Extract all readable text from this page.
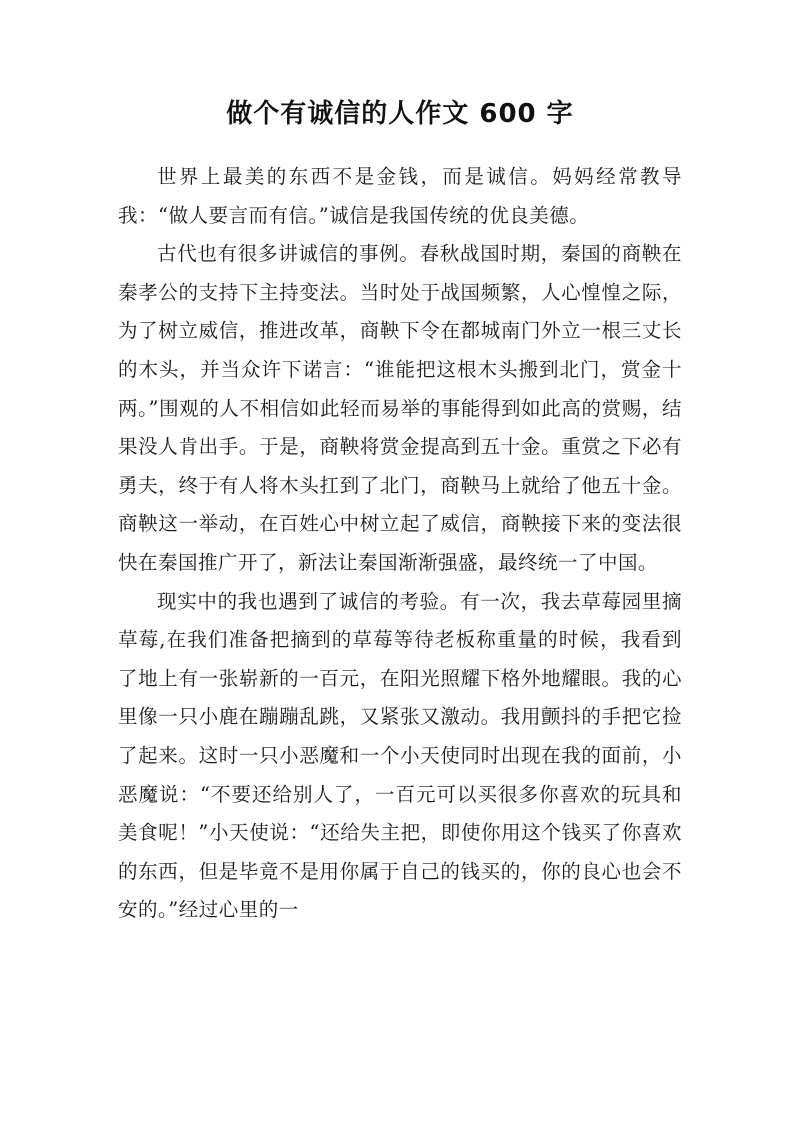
做个有诚信的人作文 600 字

世界上最美的东西不是金钱，而是诚信。妈妈经常教导我：“做人要言而有信。”诚信是我国传统的优良美德。

古代也有很多讲诚信的事例。春秋战国时期，秦国的商鞅在秦孝公的支持下主持变法。当时处于战国频繁，人心惶惶之际，为了树立威信，推进改革，商鞅下令在都城南门外立一根三丈长的木头，并当众许下诺言：“谁能把这根木头搬到北门，赏金十两。”围观的人不相信如此轻而易举的事能得到如此高的赏赐，结果没人肯出手。于是，商鞅将赏金提高到五十金。重赏之下必有勇夫，终于有人将木头扛到了北门，商鞅马上就给了他五十金。商鞅这一举动，在百姓心中树立起了威信，商鞅接下来的变法很快在秦国推广开了，新法让秦国渐渐强盛，最终统一了中国。

现实中的我也遇到了诚信的考验。有一次，我去草莓园里摘草莓,在我们准备把摘到的草莓等待老板称重量的时候，我看到了地上有一张崭新的一百元，在阳光照耀下格外地耀眼。我的心里像一只小鹿在蹦蹦乱跳，又紧张又激动。我用颤抖的手把它捡了起来。这时一只小恶魔和一个小天使同时出现在我的面前，小恶魔说：“不要还给别人了，一百元可以买很多你喜欢的玩具和美食呢！”小天使说：“还给失主把，即使你用这个钱买了你喜欢的东西，但是毕竟不是用你属于自己的钱买的，你的良心也会不安的。”经过心里的一
